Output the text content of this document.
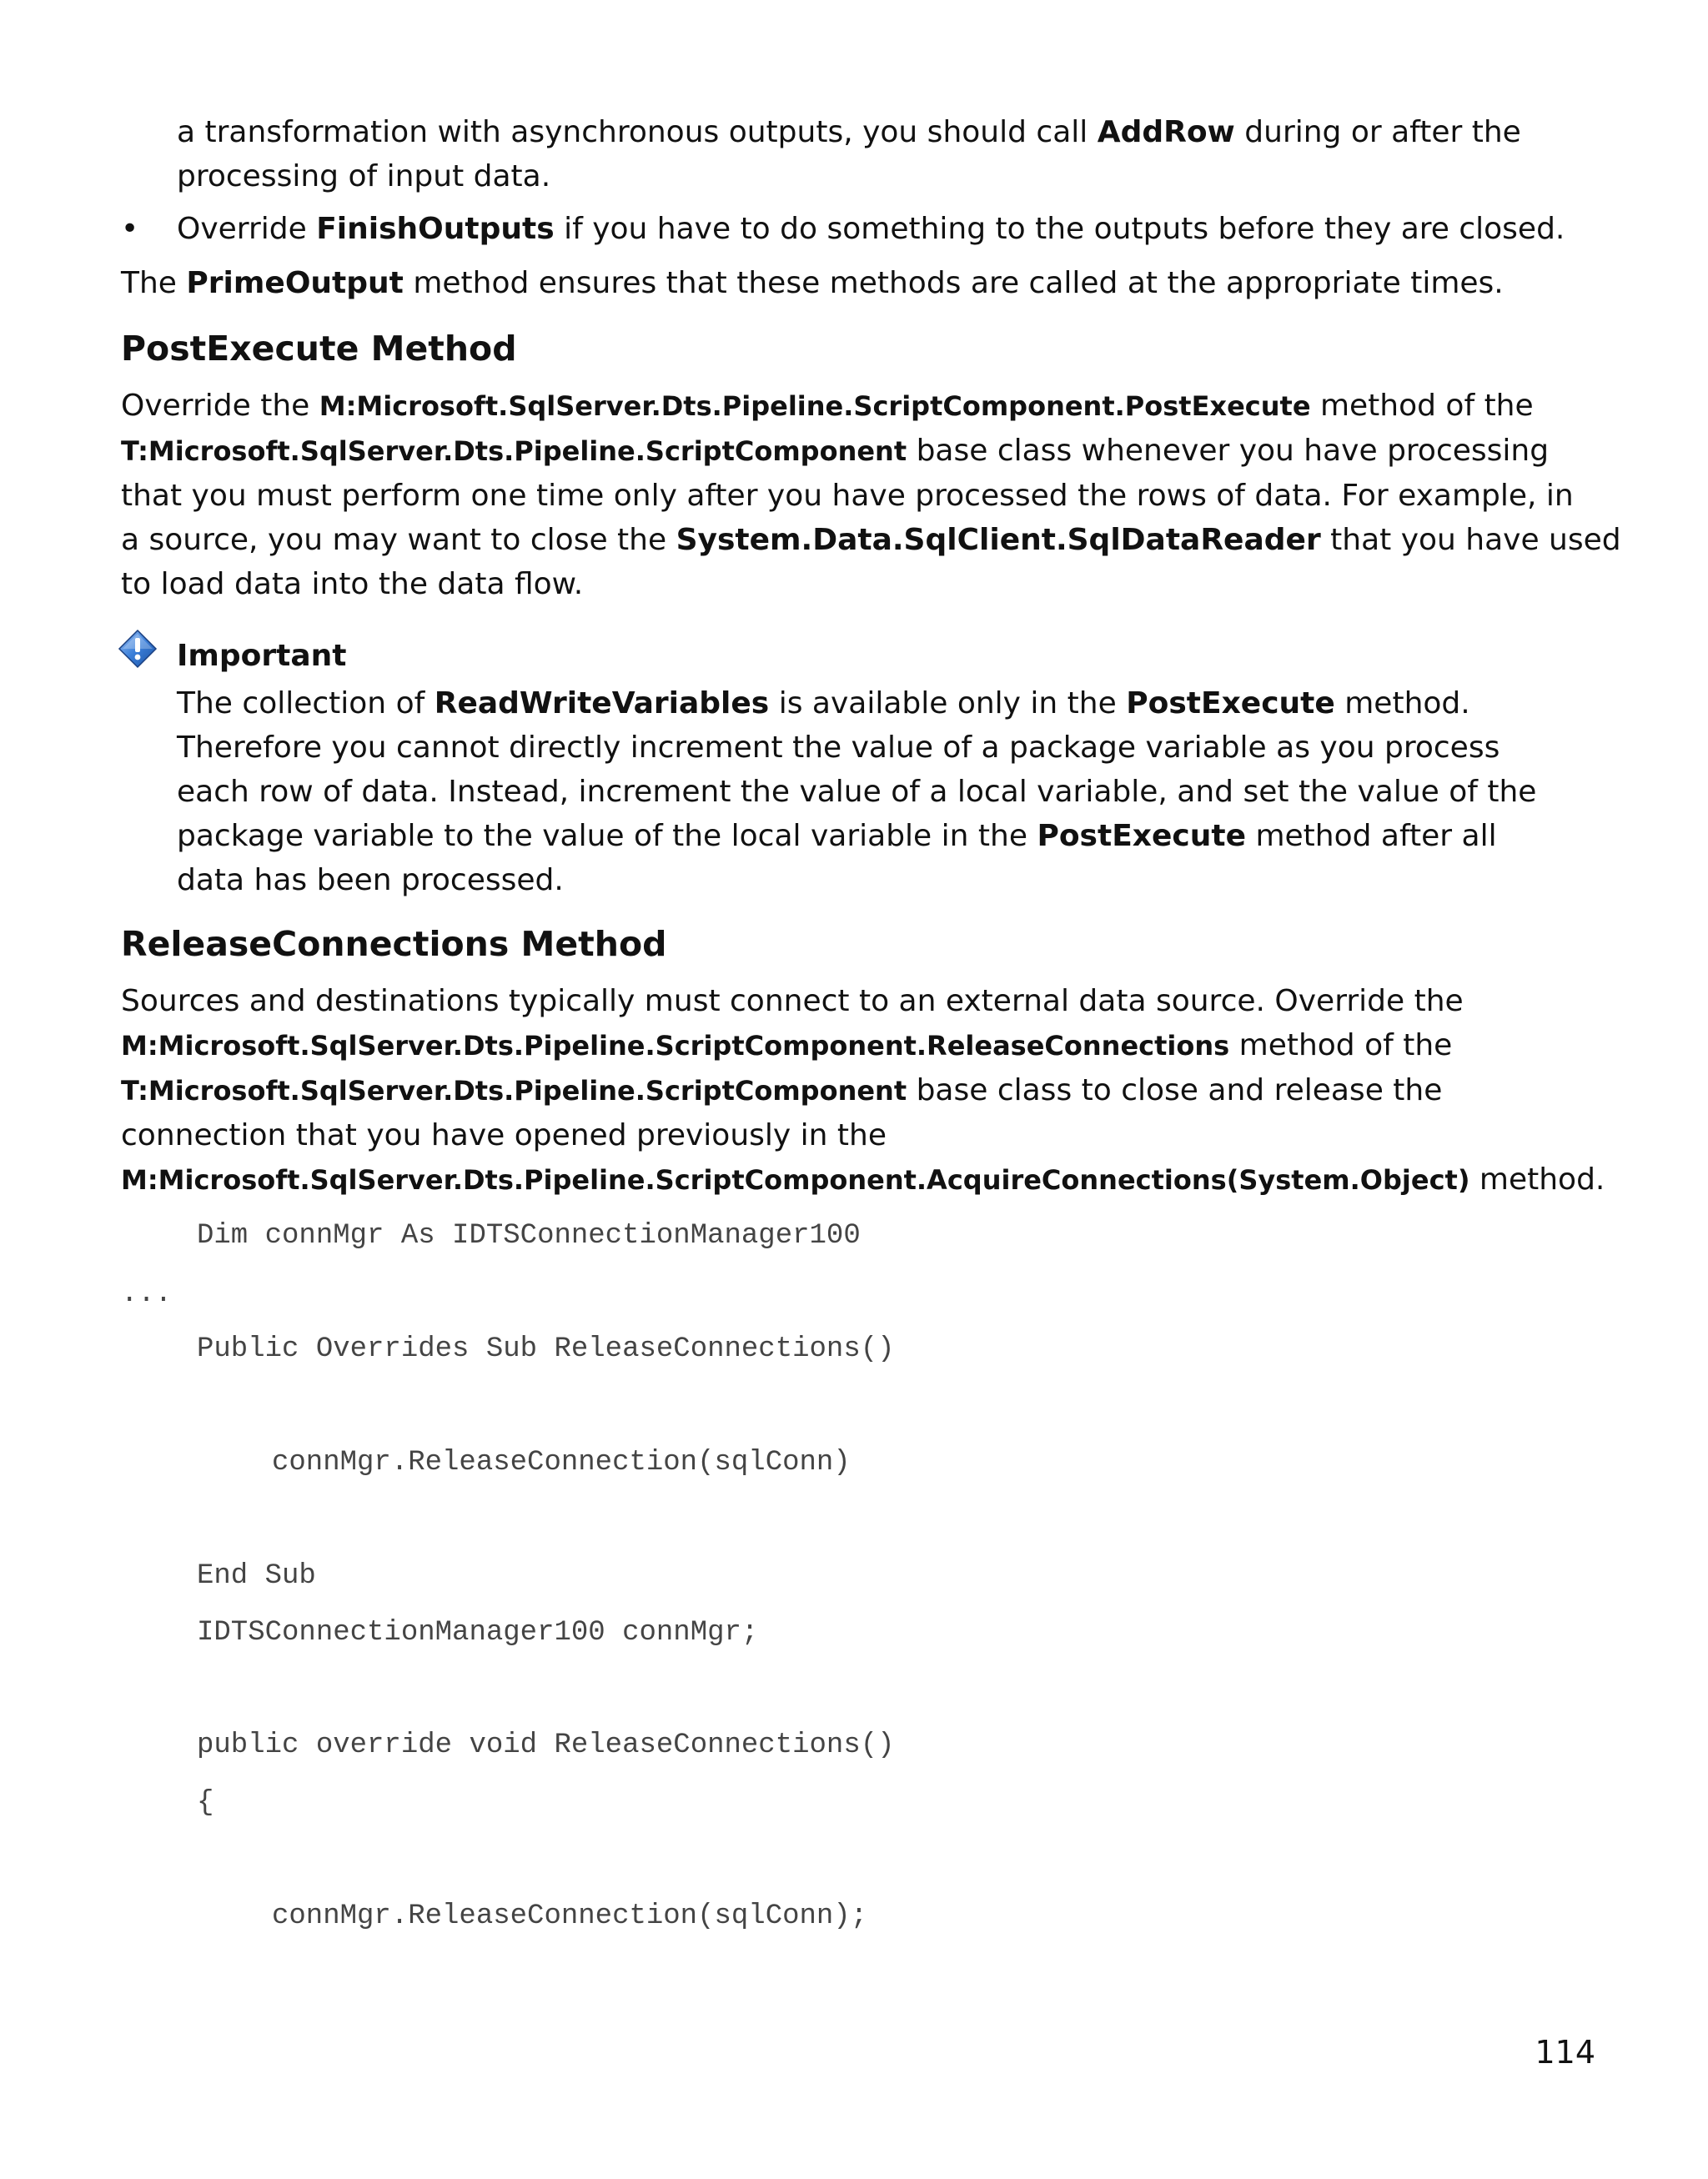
a transformation with asynchronous outputs, you should call AddRow during or after the
processing of input data.
•	Override FinishOutputs if you have to do something to the outputs before they are closed.
The PrimeOutput method ensures that these methods are called at the appropriate times.
PostExecute Method
Override the M:Microsoft.SqlServer.Dts.Pipeline.ScriptComponent.PostExecute method of the
T:Microsoft.SqlServer.Dts.Pipeline.ScriptComponent base class whenever you have processing
that you must perform one time only after you have processed the rows of data. For example, in
a source, you may want to close the System.Data.SqlClient.SqlDataReader that you have used
to load data into the data flow.
Important
The collection of ReadWriteVariables is available only in the PostExecute method.
Therefore you cannot directly increment the value of a package variable as you process
each row of data. Instead, increment the value of a local variable, and set the value of the
package variable to the value of the local variable in the PostExecute method after all
data has been processed.
ReleaseConnections Method
Sources and destinations typically must connect to an external data source. Override the
M:Microsoft.SqlServer.Dts.Pipeline.ScriptComponent.ReleaseConnections method of the
T:Microsoft.SqlServer.Dts.Pipeline.ScriptComponent base class to close and release the
connection that you have opened previously in the
M:Microsoft.SqlServer.Dts.Pipeline.ScriptComponent.AcquireConnections(System.Object) method.
Dim connMgr As IDTSConnectionManager100
...
Public Overrides Sub ReleaseConnections()
connMgr.ReleaseConnection(sqlConn)
End Sub
IDTSConnectionManager100 connMgr;
public override void ReleaseConnections()
{
connMgr.ReleaseConnection(sqlConn);
114
